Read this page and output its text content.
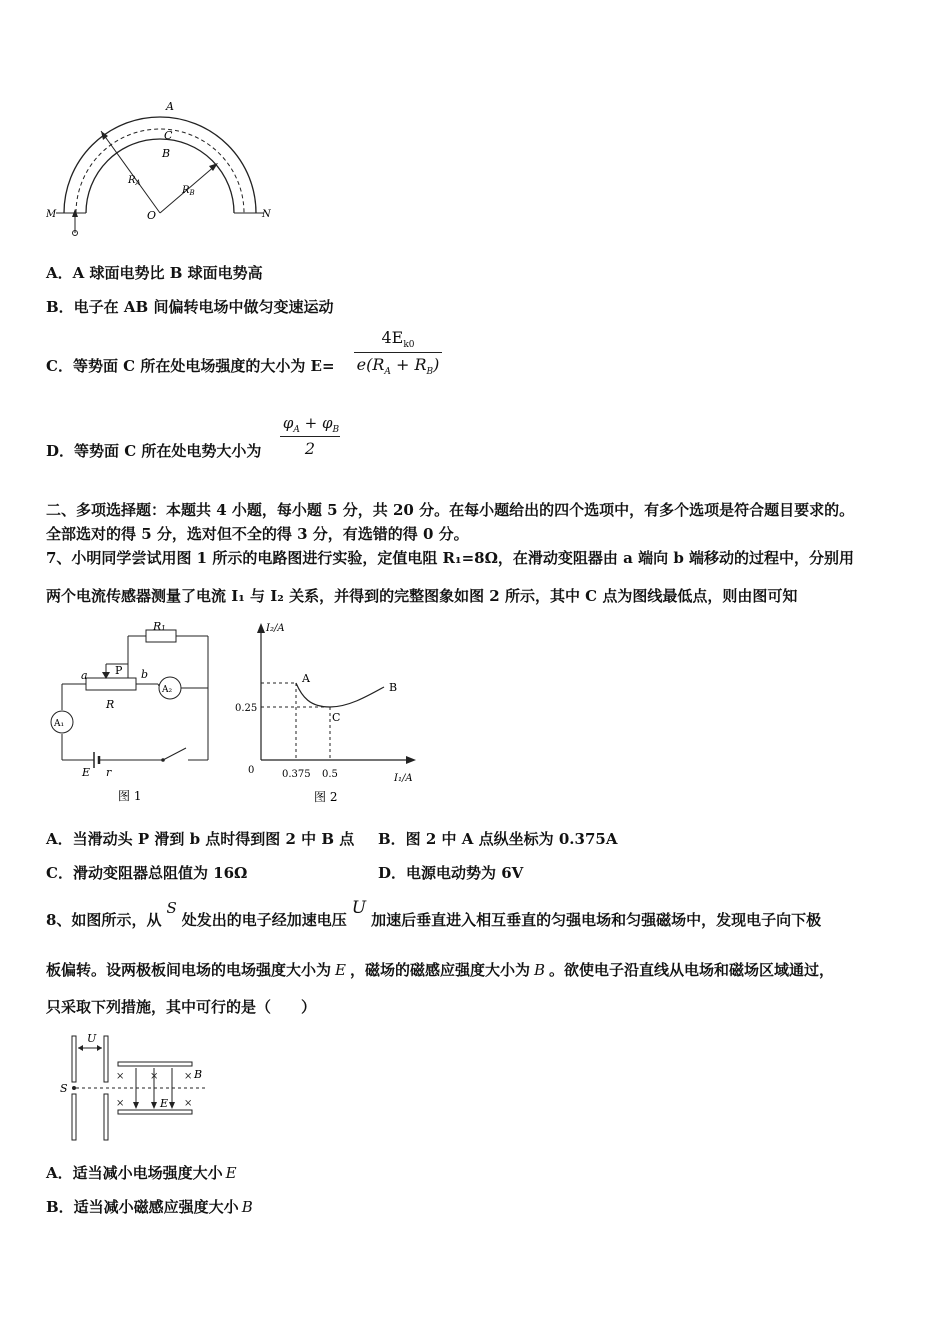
A
C
B
$R_A$
$R_B$
O
M	N
A．A 球面电势比 B 球面电势高
B．电子在 AB 间偏转电场中做匀变速运动
C．等势面 C 所在处电场强度的大小为 E=
$4E_{k0}$
$e(R_A + R_B)$
D．等势面 C 所在处电势大小为
$\varphi_A + \varphi_B$
2
二、多项选择题：本题共 4 小题，每小题 5 分，共 20 分。在每小题给出的四个选项中，有多个选项是符合题目要求的。
全部选对的得 5 分，选对但不全的得 3 分，有选错的得 0 分。
7、小明同学尝试用图 1 所示的电路图进行实验，定值电阻 R₁=8Ω，在滑动变阻器由 a 端向 b 端移动的过程中，分别用
两个电流传感器测量了电流 I₁ 与 I₂ 关系，并得到的完整图象如图 2 所示，其中 C 点为图线最低点，则由图可知
R₁
P
a	b
A₂
A₁
R
E r
图 1
I₂/A
I₁/A
0.25
0.375 0.5
0
A
B
C
图 2
A．当滑动头 P 滑到 b 点时得到图 2 中 B 点 B．图 2 中 A 点纵坐标为 0.375A
C．滑动变阻器总阻值为 16Ω	D．电源电动势为 6V
8、如图所示，从S处发出的电子经加速电压U加速后垂直进入相互垂直的匀强电场和匀强磁场中，发现电子向下极
板偏转。设两极板间电场的电场强度大小为 E ，磁场的磁感应强度大小为 B 。欲使电子沿直线从电场和磁场区域通过，
只采取下列措施，其中可行的是（　　）
U
S
×	×	×
×	×
B
E
A．适当减小电场强度大小 E
B．适当减小磁感应强度大小 B
